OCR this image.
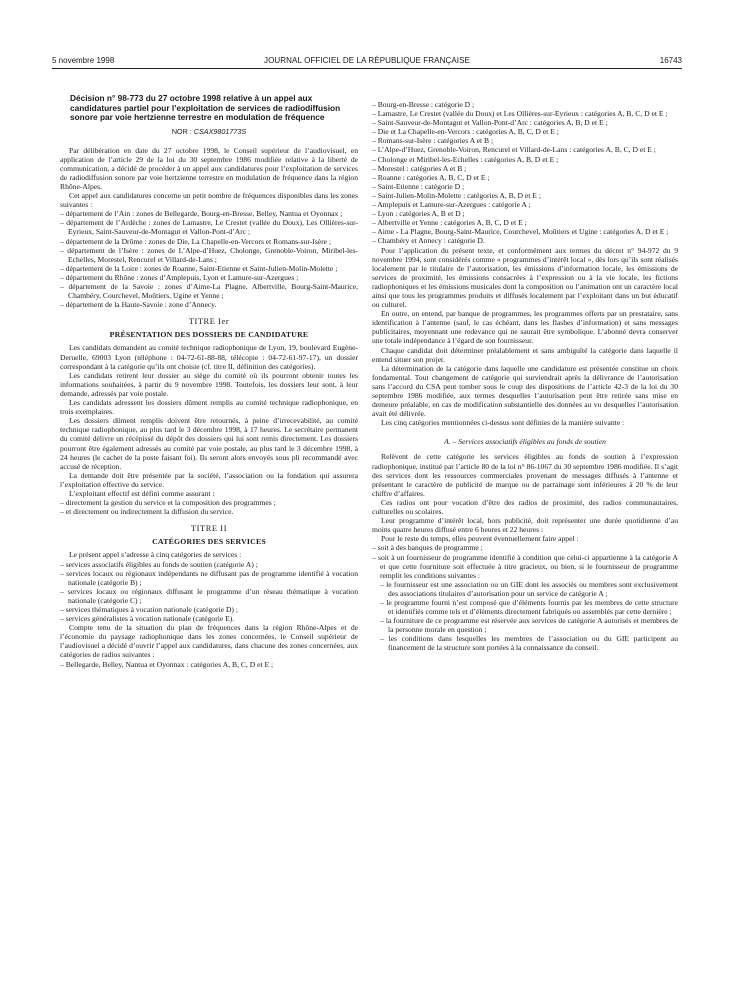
5 novembre 1998	JOURNAL OFFICIEL DE LA RÉPUBLIQUE FRANÇAISE	16743
Décision n° 98-773 du 27 octobre 1998 relative à un appel aux candidatures partiel pour l’exploitation de services de radiodiffusion sonore par voie hertzienne terrestre en modulation de fréquence
NOR : CSAX9801773S

Par délibération en date du 27 octobre 1998, le Conseil supérieur de l’audiovisuel, en application de l’article 29 de la loi du 30 septembre 1986 modifiée relative à la liberté de communication, a décidé de procéder à un appel aux candidatures pour l’exploitation de services de radiodiffusion sonore par voie hertzienne terrestre en modulation de fréquence dans la région Rhône-Alpes.

Cet appel aux candidatures concerne un petit nombre de fréquences disponibles dans les zones suivantes :

– département de l’Ain : zones de Bellegarde, Bourg-en-Bresse, Belley, Nantua et Oyonnax ;
– département de l’Ardèche : zones de Lamastre, Le Crestet (vallée du Doux), Les Ollières-sur-Eyrieux, Saint-Sauveur-de-Montagut et Vallon-Pont-d’Arc ;
– département de la Drôme : zones de Die, La Chapelle-en-Vercors et Romans-sur-Isère ;
– département de l’Isère : zones de L’Alpe-d’Huez, Cholonge, Grenoble-Voiron, Miribel-les-Echelles, Morestel, Rencurel et Villard-de-Lans ;
– département de la Loire : zones de Roanne, Saint-Etienne et Saint-Julien-Molin-Molette ;
– département du Rhône : zones d’Amplepuis, Lyon et Lamure-sur-Azergues ;
– département de la Savoie : zones d’Aime-La Plagne, Albertville, Bourg-Saint-Maurice, Chambéry, Courchevel, Moûtiers, Ugine et Yenne ;
– département de la Haute-Savoie : zone d’Annecy.
TITRE Ier
PRÉSENTATION DES DOSSIERS DE CANDIDATURE

Les candidats demandent au comité technique radiophonique de Lyon, 19, boulevard Eugène-Deruelle, 69003 Lyon (téléphone : 04-72-61-88-88, télécopie : 04-72-61-97-17), un dossier correspondant à la catégorie qu’ils ont choisie (cf. titre II, définition des catégories).

Les candidats retirent leur dossier au siège du comité où ils pourront obtenir toutes les informations souhaitées, à partir du 9 novembre 1998. Toutefois, les dossiers leur sont, à leur demande, adressés par voie postale.

Les candidats adressent les dossiers dûment remplis au comité technique radiophonique, en trois exemplaires.

Les dossiers dûment remplis doivent être retournés, à peine d’irrecevabilité, au comité technique radiophonique, au plus tard le 3 décembre 1998, à 17 heures. Le secrétaire permanent du comité délivre un récépissé du dépôt des dossiers qui lui sont remis directement. Les dossiers pourront être également adressés au comité par voie postale, au plus tard le 3 décembre 1998, à 24 heures (le cachet de la poste faisant foi). Ils seront alors envoyés sous pli recommandé avec accusé de réception.

La demande doit être présentée par la société, l’association ou la fondation qui assurera l’exploitation effective du service.

L’exploitant effectif est défini comme assurant :

– directement la gestion du service et la composition des programmes ;
– et directement ou indirectement la diffusion du service.
TITRE II
CATÉGORIES DES SERVICES

Le présent appel s’adresse à cinq catégories de services :

– services associatifs éligibles au fonds de soutien (catégorie A) ;
– services locaux ou régionaux indépendants ne diffusant pas de programme identifié à vocation nationale (catégorie B) ;
– services locaux ou régionaux diffusant le programme d’un réseau thématique à vocation nationale (catégorie C) ;
– services thématiques à vocation nationale (catégorie D) ;
– services généralistes à vocation nationale (catégorie E).

Compte tenu de la situation du plan de fréquences dans la région Rhône-Alpes et de l’économie du paysage radiophonique dans les zones concernées, le Conseil supérieur de l’audiovisuel a décidé d’ouvrir l’appel aux candidatures, dans chacune des zones concernées, aux catégories de radios suivantes :

– Bellegarde, Belley, Nantua et Oyonnax : catégories A, B, C, D et E ;
– Bourg-en-Bresse : catégorie D ;
– Lamastre, Le Crestet (vallée du Doux) et Les Ollières-sur-Eyrieux : catégories A, B, C, D et E ;
– Saint-Sauveur-de-Montagut et Vallon-Pont-d’Arc : catégories A, B, D et E ;
– Die et La Chapelle-en-Vercors : catégories A, B, C, D et E ;
– Romans-sur-Isère : catégories A et B ;
– L’Alpe-d’Huez, Grenoble-Voiron, Rencurel et Villard-de-Lans : catégories A, B, C, D et E ;
– Cholonge et Miribel-les-Echelles : catégories A, B, D et E ;
– Morestel : catégories A et B ;
– Roanne : catégories A, B, C, D et E ;
– Saint-Etienne : catégorie D ;
– Saint-Julien-Molin-Molette : catégories A, B, D et E ;
– Amplepuis et Lamure-sur-Azergues : catégorie A ;
– Lyon : catégories A, B et D ;
– Albertville et Yenne : catégories A, B, C, D et E ;
– Aime - La Plagne, Bourg-Saint-Maurice, Courchevel, Moûtiers et Ugine : catégories A, D et E ;
– Chambéry et Annecy : catégorie D.

Pour l’application du présent texte, et conformément aux termes du décret n° 94-972 du 9 novembre 1994, sont considérés comme « programmes d’intérêt local », dès lors qu’ils sont réalisés localement par le titulaire de l’autorisation, les émissions d’information locale, les émissions de services de proximité, les émissions consacrées à l’expression ou à la vie locale, les fictions radiophoniques et les émissions musicales dont la composition ou l’animation ont un caractère local ainsi que tous les programmes produits et diffusés localement par l’exploitant dans un but éducatif ou culturel.

En outre, on entend, par banque de programmes, les programmes offerts par un prestataire, sans identification à l’antenne (sauf, le cas échéant, dans les flashes d’information) et sans messages publicitaires, moyennant une redevance qui ne saurait être symbolique. L’abonné devra conserver une totale indépendance à l’égard de son fournisseur.

Chaque candidat doit déterminer préalablement et sans ambiguïté la catégorie dans laquelle il entend situer son projet.

La détermination de la catégorie dans laquelle une candidature est présentée constitue un choix fondamental. Tout changement de catégorie qui surviendrait après la délivrance de l’autorisation sans l’accord du CSA peut tomber sous le coup des dispositions de l’article 42-3 de la loi du 30 septembre 1986 modifiée, aux termes desquelles l’autorisation peut être retirée sans mise en demeure préalable, en cas de modification substantielle des données au vu desquelles l’autorisation avait été délivrée.

Les cinq catégories mentionnées ci-dessus sont définies de la manière suivante :

A. – Services associatifs éligibles au fonds de soutien

Relèvent de cette catégorie les services éligibles au fonds de soutien à l’expression radiophonique, institué par l’article 80 de la loi n° 86-1067 du 30 septembre 1986 modifiée. Il s’agit des services dont les ressources commerciales provenant de messages diffusés à l’antenne et présentant le caractère de publicité de marque ou de parrainage sont inférieures à 20 % de leur chiffre d’affaires.

Ces radios ont pour vocation d’être des radios de proximité, des radios communautaires, culturelles ou scolaires.

Leur programme d’intérêt local, hors publicité, doit représenter une durée quotidienne d’au moins quatre heures diffusé entre 6 heures et 22 heures :

Pour le reste du temps, elles peuvent éventuellement faire appel :

– soit à des banques de programme ;
– soit à un fournisseur de programme identifié à condition que celui-ci appartienne à la catégorie A et que cette fourniture soit effectuée à titre gracieux, ou bien, si le fournisseur de programme remplit les conditions suivantes :
– le fournisseur est une association ou un GIE dont les associés ou membres sont exclusivement des associations titulaires d’autorisation pour un service de catégorie A ;
– le programme fourni n’est composé que d’éléments fournis par les membres de cette structure et identifiés comme tels et d’éléments directement fabriqués ou assemblés par cette dernière ;
– la fourniture de ce programme est réservée aux services de catégorie A autorisés et membres de la personne morale en question ;
– les conditions dans lesquelles les membres de l’association ou du GIE participent au financement de la structure sont portées à la connaissance du conseil.
